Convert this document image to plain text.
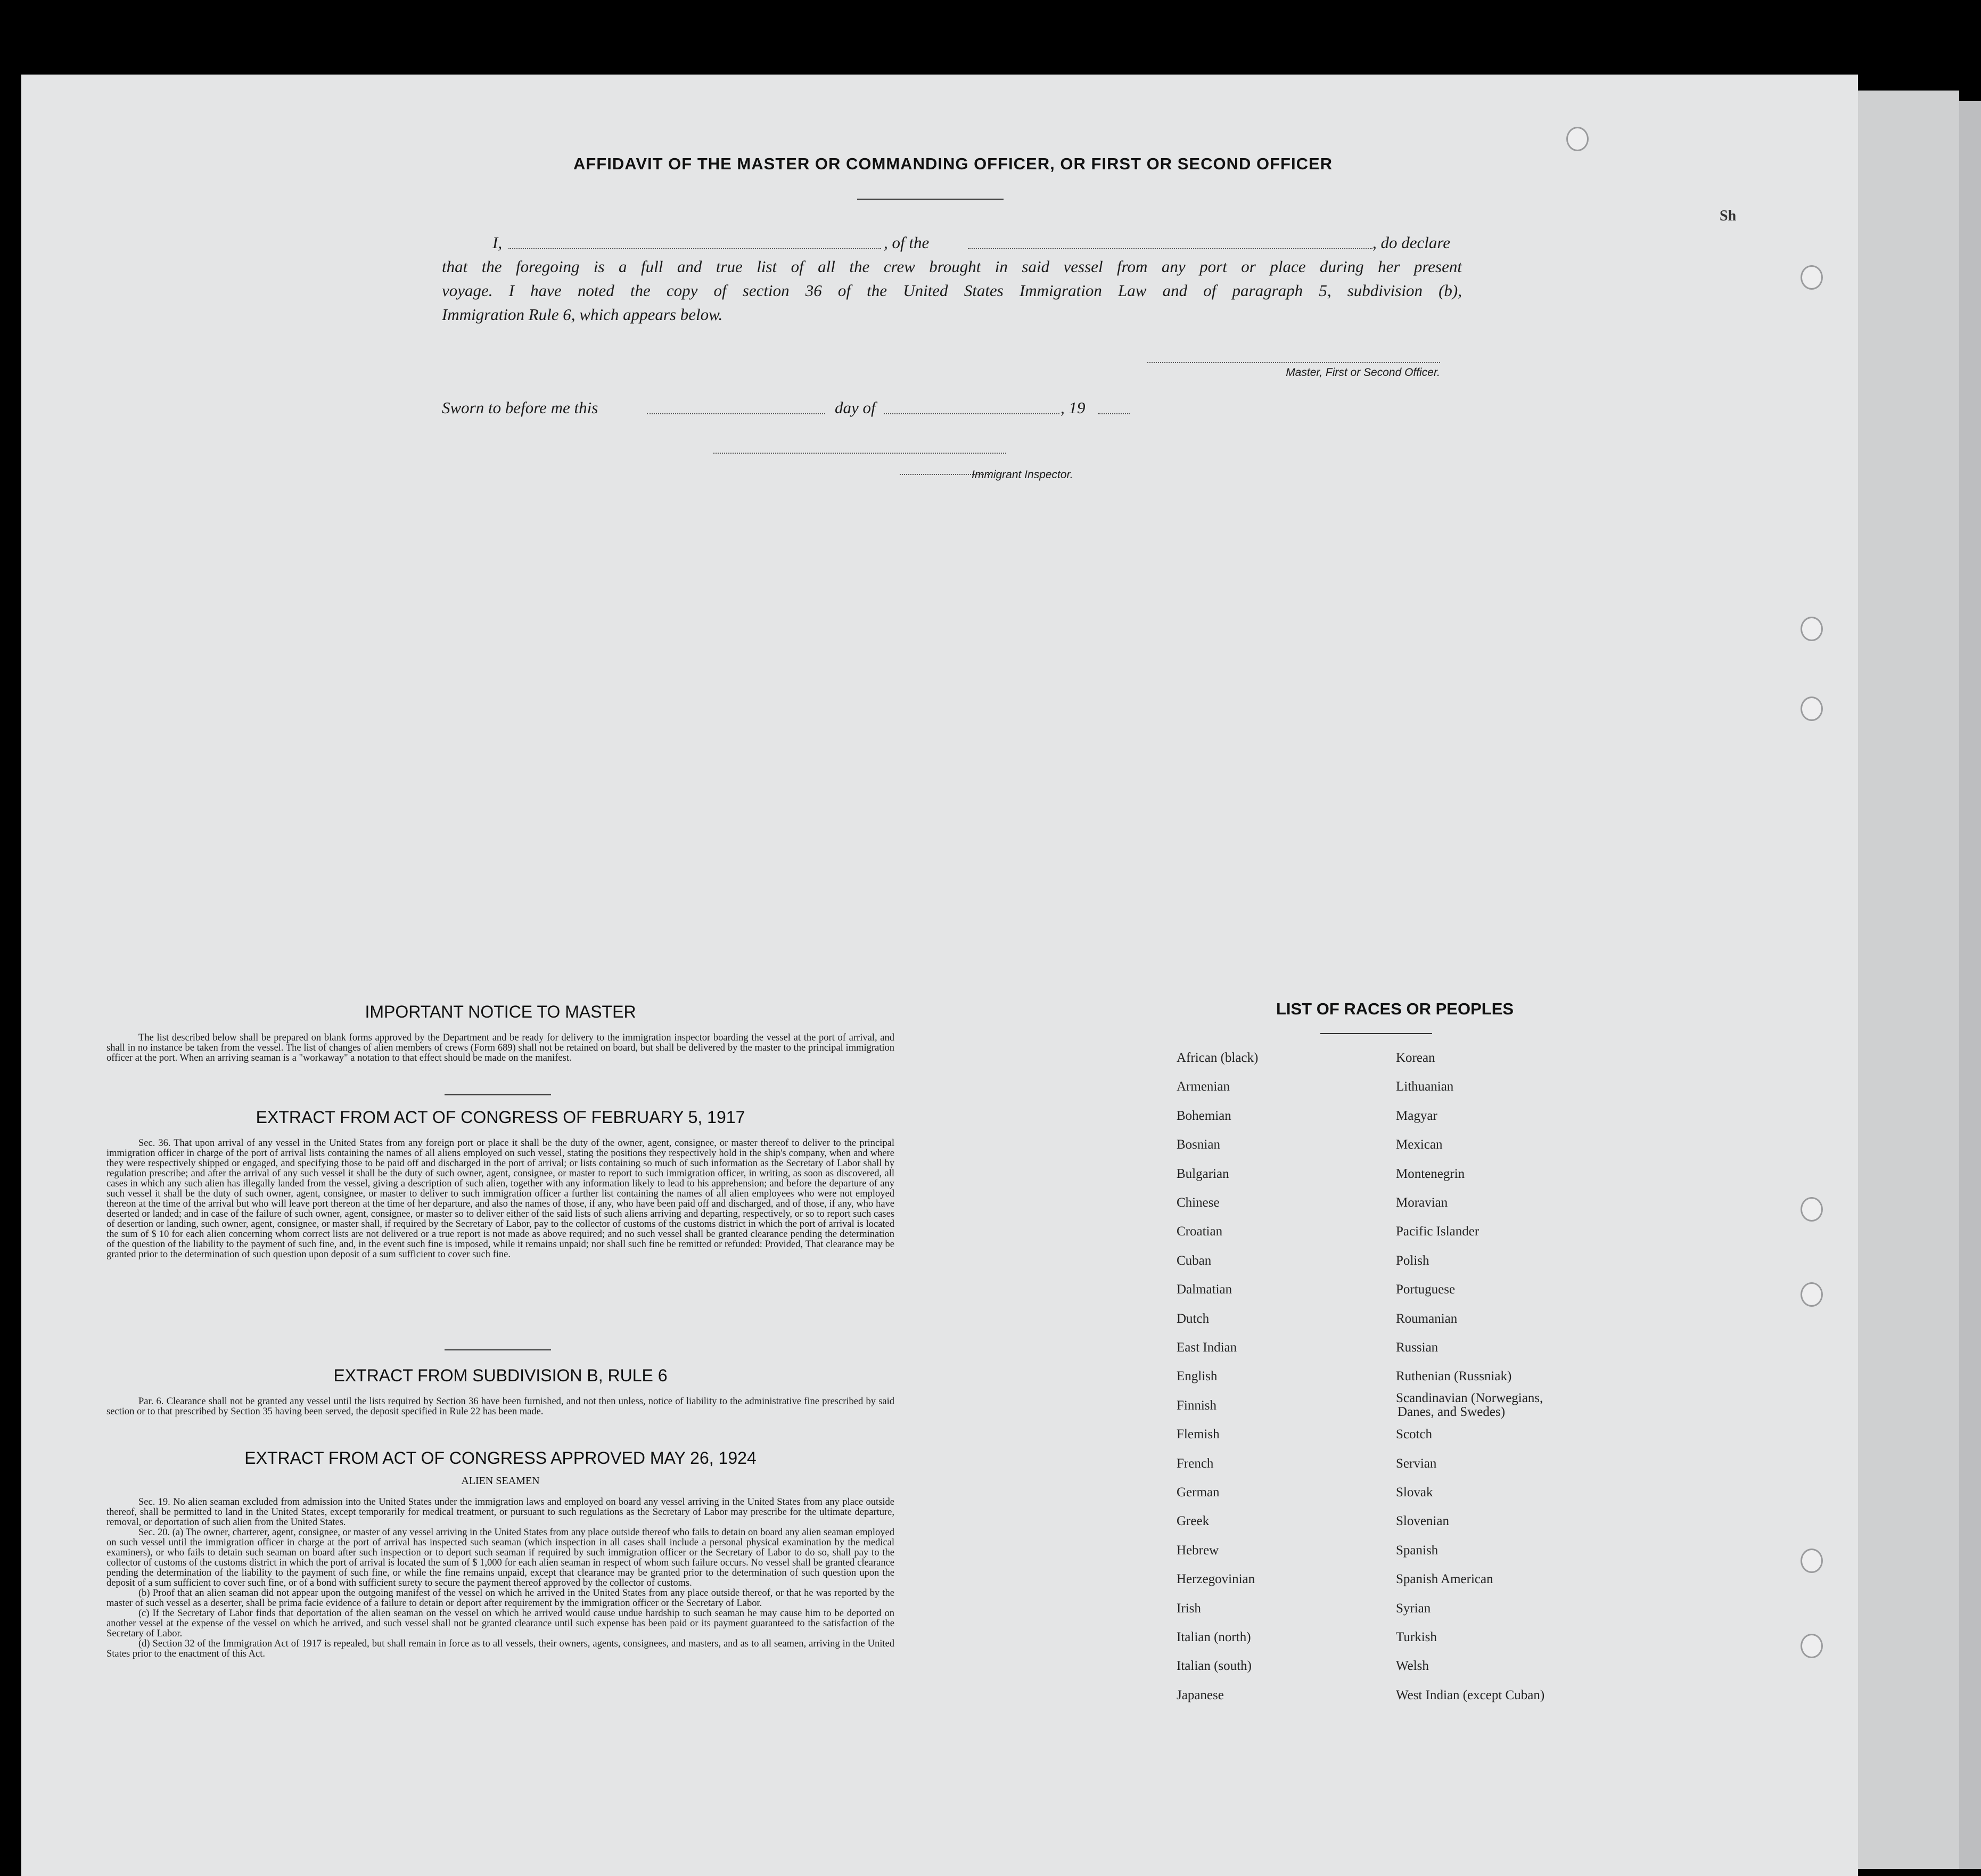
Sh
AFFIDAVIT OF THE MASTER OR COMMANDING OFFICER, OR FIRST OR SECOND OFFICER
I,	, of the	, do declare
that the foregoing is a full and true list of all the crew brought in said vessel from any port or place during her present
voyage. I have noted the copy of section 36 of the United States Immigration Law and of paragraph 5, subdivision (b),
Immigration Rule 6, which appears below.
Master, First or Second Officer.
Sworn to before me this	day of	, 19
Immigrant Inspector.
IMPORTANT NOTICE TO MASTER

The list described below shall be prepared on blank forms approved by the Department and be ready for delivery to the immigration inspector boarding the vessel at the port of arrival, and shall in no instance be taken from the vessel. The list of changes of alien members of crews (Form 689) shall not be retained on board, but shall be delivered by the master to the principal immigration officer at the port. When an arriving seaman is a "workaway" a notation to that effect should be made on the manifest.

EXTRACT FROM ACT OF CONGRESS OF FEBRUARY 5, 1917

Sec. 36. That upon arrival of any vessel in the United States from any foreign port or place it shall be the duty of the owner, agent, consignee, or master thereof to deliver to the principal immigration officer in charge of the port of arrival lists containing the names of all aliens employed on such vessel, stating the positions they respectively hold in the ship's company, when and where they were respectively shipped or engaged, and specifying those to be paid off and discharged in the port of arrival; or lists containing so much of such information as the Secretary of Labor shall by regulation prescribe; and after the arrival of any such vessel it shall be the duty of such owner, agent, consignee, or master to report to such immigration officer, in writing, as soon as discovered, all cases in which any such alien has illegally landed from the vessel, giving a description of such alien, together with any information likely to lead to his apprehension; and before the departure of any such vessel it shall be the duty of such owner, agent, consignee, or master to deliver to such immigration officer a further list containing the names of all alien employees who were not employed thereon at the time of the arrival but who will leave port thereon at the time of her departure, and also the names of those, if any, who have been paid off and discharged, and of those, if any, who have deserted or landed; and in case of the failure of such owner, agent, consignee, or master so to deliver either of the said lists of such aliens arriving and departing, respectively, or so to report such cases of desertion or landing, such owner, agent, consignee, or master shall, if required by the Secretary of Labor, pay to the collector of customs of the customs district in which the port of arrival is located the sum of $ 10 for each alien concerning whom correct lists are not delivered or a true report is not made as above required; and no such vessel shall be granted clearance pending the determination of the question of the liability to the payment of such fine, and, in the event such fine is imposed, while it remains unpaid; nor shall such fine be remitted or refunded: Provided, That clearance may be granted prior to the determination of such question upon deposit of a sum sufficient to cover such fine.

EXTRACT FROM SUBDIVISION B, RULE 6

Par. 6. Clearance shall not be granted any vessel until the lists required by Section 36 have been furnished, and not then unless, notice of liability to the administrative fine prescribed by said section or to that prescribed by Section 35 having been served, the deposit specified in Rule 22 has been made.

EXTRACT FROM ACT OF CONGRESS APPROVED MAY 26, 1924
ALIEN SEAMEN

Sec. 19. No alien seaman excluded from admission into the United States under the immigration laws and employed on board any vessel arriving in the United States from any place outside thereof, shall be permitted to land in the United States, except temporarily for medical treatment, or pursuant to such regulations as the Secretary of Labor may prescribe for the ultimate departure, removal, or deportation of such alien from the United States.

Sec. 20. (a) The owner, charterer, agent, consignee, or master of any vessel arriving in the United States from any place outside thereof who fails to detain on board any alien seaman employed on such vessel until the immigration officer in charge at the port of arrival has inspected such seaman (which inspection in all cases shall include a personal physical examination by the medical examiners), or who fails to detain such seaman on board after such inspection or to deport such seaman if required by such immigration officer or the Secretary of Labor to do so, shall pay to the collector of customs of the customs district in which the port of arrival is located the sum of $ 1,000 for each alien seaman in respect of whom such failure occurs. No vessel shall be granted clearance pending the determination of the liability to the payment of such fine, or while the fine remains unpaid, except that clearance may be granted prior to the determination of such question upon the deposit of a sum sufficient to cover such fine, or of a bond with sufficient surety to secure the payment thereof approved by the collector of customs.

(b) Proof that an alien seaman did not appear upon the outgoing manifest of the vessel on which he arrived in the United States from any place outside thereof, or that he was reported by the master of such vessel as a deserter, shall be prima facie evidence of a failure to detain or deport after requirement by the immigration officer or the Secretary of Labor.

(c) If the Secretary of Labor finds that deportation of the alien seaman on the vessel on which he arrived would cause undue hardship to such seaman he may cause him to be deported on another vessel at the expense of the vessel on which he arrived, and such vessel shall not be granted clearance until such expense has been paid or its payment guaranteed to the satisfaction of the Secretary of Labor.

(d) Section 32 of the Immigration Act of 1917 is repealed, but shall remain in force as to all vessels, their owners, agents, consignees, and masters, and as to all seamen, arriving in the United States prior to the enactment of this Act.

LIST OF RACES OR PEOPLES
African (black)
Armenian
Bohemian
Bosnian
Bulgarian
Chinese
Croatian
Cuban
Dalmatian
Dutch
East Indian
English
Finnish
Flemish
French
German
Greek
Hebrew
Herzegovinian
Irish
Italian (north)
Italian (south)
Japanese
Korean
Lithuanian
Magyar
Mexican
Montenegrin
Moravian
Pacific Islander
Polish
Portuguese
Roumanian
Russian
Ruthenian (Russniak)
Scandinavian (Norwegians,
Danes, and Swedes)
Scotch
Servian
Slovak
Slovenian
Spanish
Spanish American
Syrian
Turkish
Welsh
West Indian (except Cuban)
